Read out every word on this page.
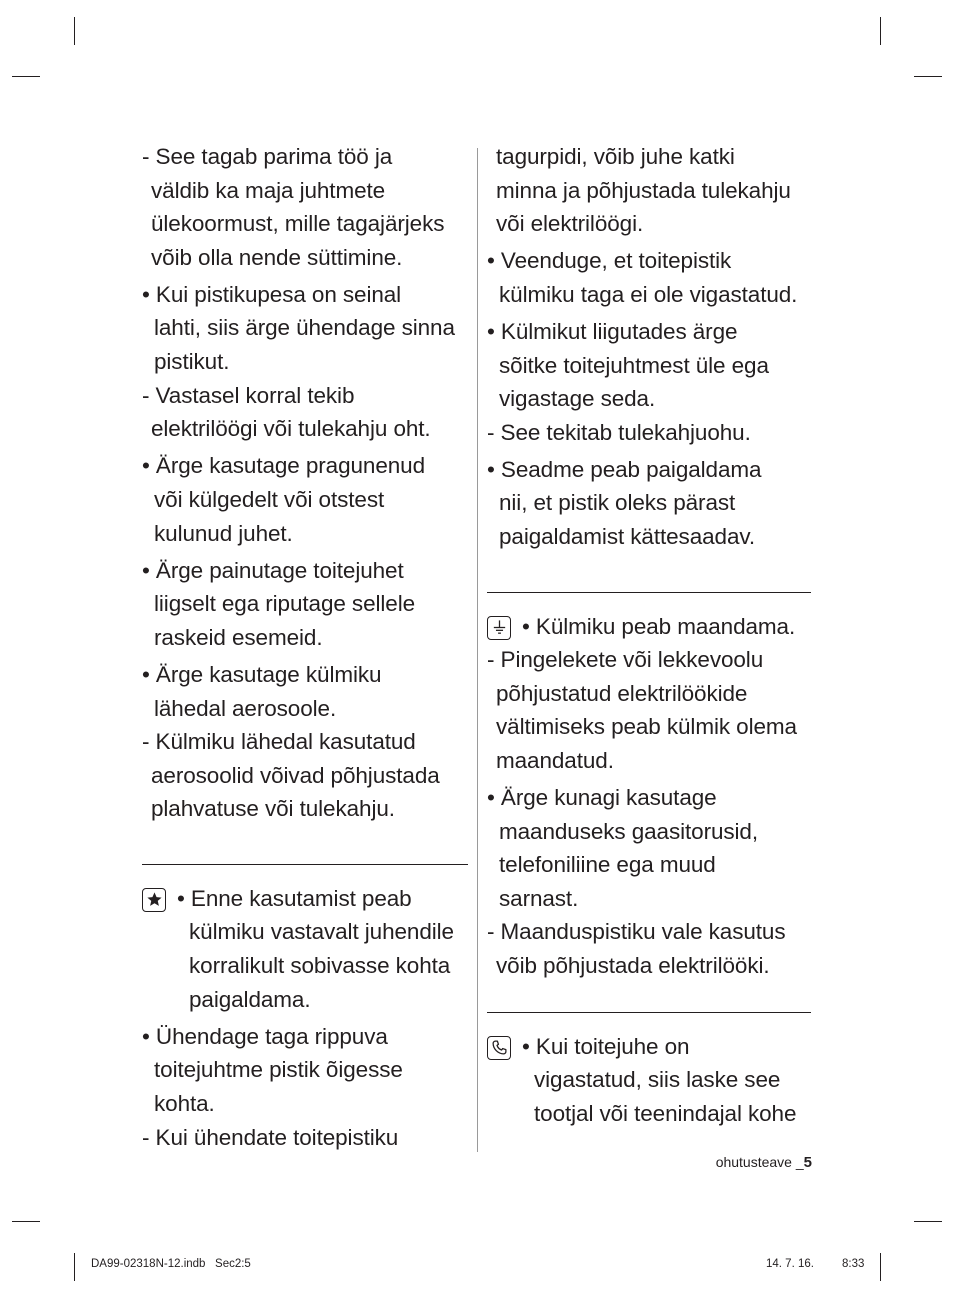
- See tagab parima töö ja
väldib ka maja juhtmete
ülekoormust, mille tagajärjeks
võib olla nende süttimine.
• Kui pistikupesa on seinal
lahti, siis ärge ühendage sinna
pistikut.
- Vastasel korral tekib
elektrilöögi või tulekahju oht.
• Ärge kasutage pragunenud
või külgedelt või otstest
kulunud juhet.
• Ärge painutage toitejuhet
liigselt ega riputage sellele
raskeid esemeid.
• Ärge kasutage külmiku
lähedal aerosoole.
- Külmiku lähedal kasutatud
aerosoolid võivad põhjustada
plahvatuse või tulekahju.
• Enne kasutamist peab
külmiku vastavalt juhendile
korralikult sobivasse kohta
paigaldama.
• Ühendage taga rippuva
toitejuhtme pistik õigesse
kohta.
- Kui ühendate toitepistiku
tagurpidi, võib juhe katki
minna ja põhjustada tulekahju
või elektrilöögi.
• Veenduge, et toitepistik
külmiku taga ei ole vigastatud.
• Külmikut liigutades ärge
sõitke toitejuhtmest üle ega
vigastage seda.
- See tekitab tulekahjuohu.
• Seadme peab paigaldama
nii, et pistik oleks pärast
paigaldamist kättesaadav.
• Külmiku peab maandama.
- Pingelekete või lekkevoolu
põhjustatud elektrilöökide
vältimiseks peab külmik olema
maandatud.
• Ärge kunagi kasutage
maanduseks gaasitorusid,
telefoniliine ega muud
sarnast.
- Maanduspistiku vale kasutus
võib põhjustada elektrilööki.
• Kui toitejuhe on
vigastatud, siis laske see
tootjal või teenindajal kohe
ohutusteave _5
DA99-02318N-12.indb   Sec2:5	14. 7. 16. 8:33
